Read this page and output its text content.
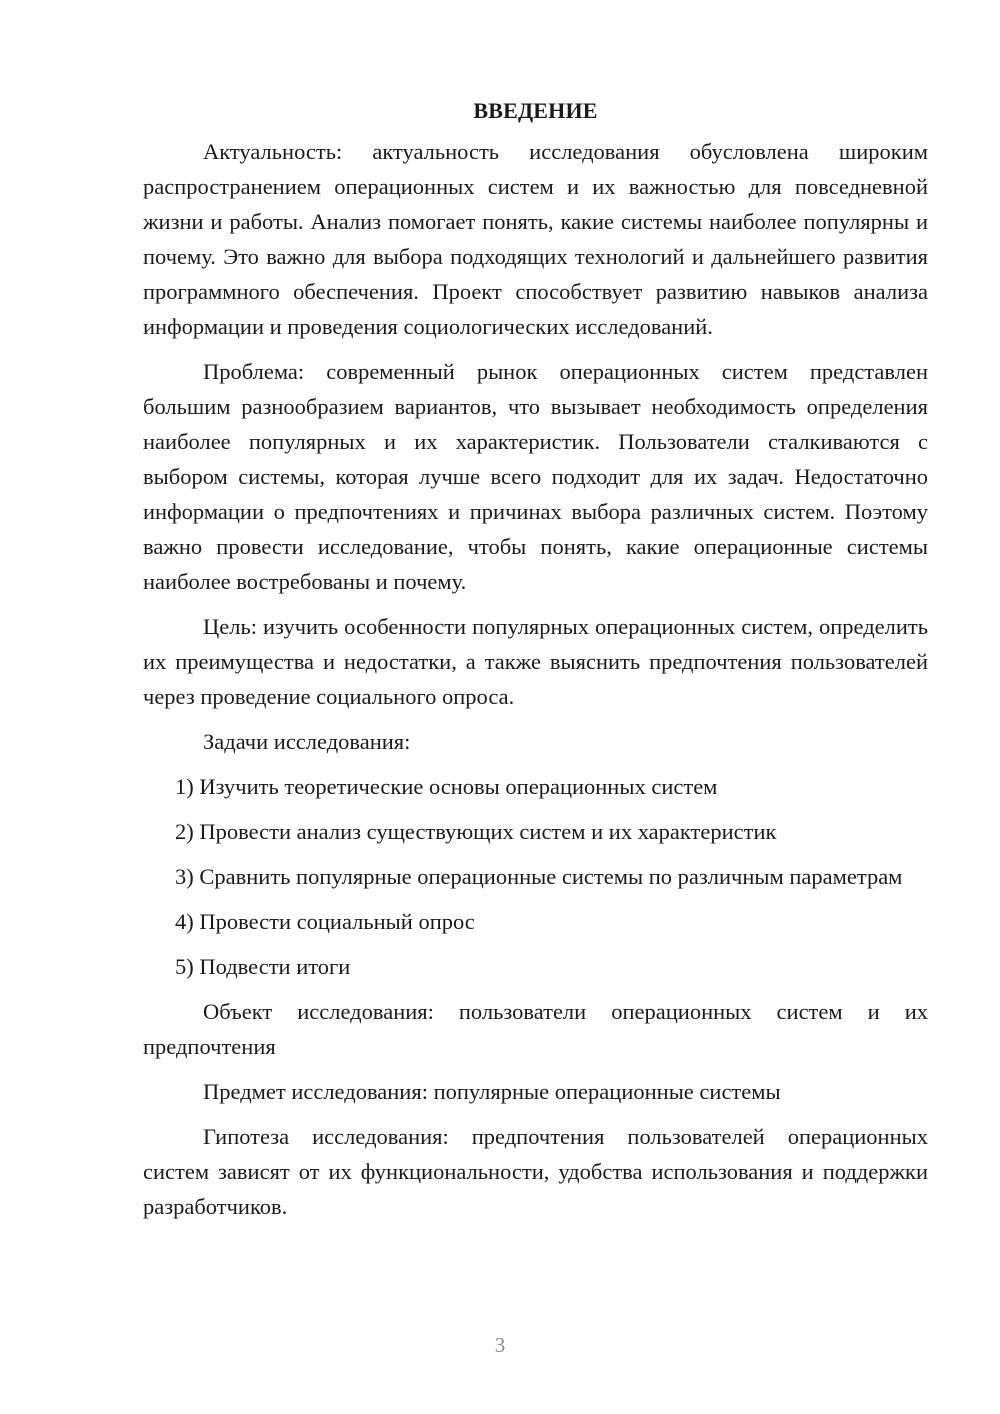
ВВЕДЕНИЕ

Актуальность: актуальность исследования обусловлена широким распространением операционных систем и их важностью для повседневной жизни и работы. Анализ помогает понять, какие системы наиболее популярны и почему. Это важно для выбора подходящих технологий и дальнейшего развития программного обеспечения. Проект способствует развитию навыков анализа информации и проведения социологических исследований.

Проблема: современный рынок операционных систем представлен большим разнообразием вариантов, что вызывает необходимость определения наиболее популярных и их характеристик. Пользователи сталкиваются с выбором системы, которая лучше всего подходит для их задач. Недостаточно информации о предпочтениях и причинах выбора различных систем. Поэтому важно провести исследование, чтобы понять, какие операционные системы наиболее востребованы и почему.

Цель: изучить особенности популярных операционных систем, определить их преимущества и недостатки, а также выяснить предпочтения пользователей через проведение социального опроса.

Задачи исследования:

1) Изучить теоретические основы операционных систем

2) Провести анализ существующих систем и их характеристик

3) Сравнить популярные операционные системы по различным параметрам

4) Провести социальный опрос

5) Подвести итоги

Объект исследования: пользователи операционных систем и их предпочтения

Предмет исследования: популярные операционные системы

Гипотеза исследования: предпочтения пользователей операционных систем зависят от их функциональности, удобства использования и поддержки разработчиков.

3
